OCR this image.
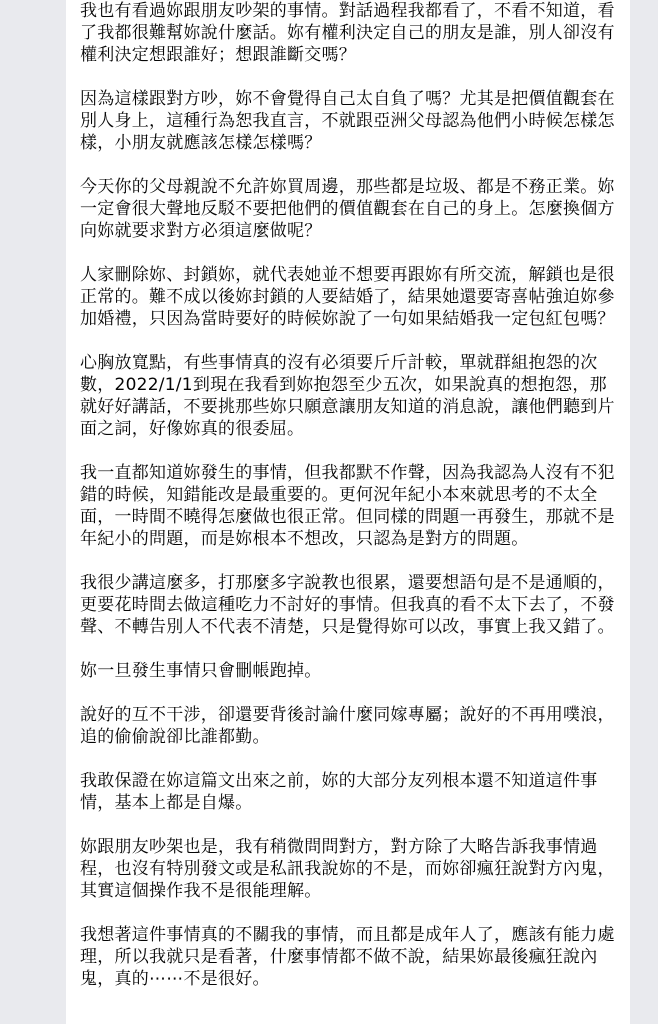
我也有看過妳跟朋友吵架的事情。對話過程我都看了，不看不知道，看了我都很難幫妳說什麼話。妳有權利決定自己的朋友是誰，別人卻沒有權利決定想跟誰好；想跟誰斷交嗎？

因為這樣跟對方吵，妳不會覺得自己太自負了嗎？尤其是把價值觀套在別人身上，這種行為恕我直言，不就跟亞洲父母認為他們小時候怎樣怎樣，小朋友就應該怎樣怎樣嗎？

今天你的父母親說不允許妳買周邊，那些都是垃圾、都是不務正業。妳一定會很大聲地反駁不要把他們的價值觀套在自己的身上。怎麼換個方向妳就要求對方必須這麼做呢？

人家刪除妳、封鎖妳，就代表她並不想要再跟妳有所交流，解鎖也是很正常的。難不成以後妳封鎖的人要結婚了，結果她還要寄喜帖強迫妳參加婚禮，只因為當時要好的時候妳說了一句如果結婚我一定包紅包嗎？

心胸放寬點，有些事情真的沒有必須要斤斤計較，單就群組抱怨的次數，2022/1/1到現在我看到妳抱怨至少五次，如果說真的想抱怨，那就好好講話，不要挑那些妳只願意讓朋友知道的消息說，讓他們聽到片面之詞，好像妳真的很委屈。

我一直都知道妳發生的事情，但我都默不作聲，因為我認為人沒有不犯錯的時候，知錯能改是最重要的。更何況年紀小本來就思考的不太全面，一時間不曉得怎麼做也很正常。但同樣的問題一再發生，那就不是年紀小的問題，而是妳根本不想改，只認為是對方的問題。

我很少講這麼多，打那麼多字說教也很累，還要想語句是不是通順的，更要花時間去做這種吃力不討好的事情。但我真的看不太下去了，不發聲、不轉告別人不代表不清楚，只是覺得妳可以改，事實上我又錯了。

妳一旦發生事情只會刪帳跑掉。

說好的互不干涉，卻還要背後討論什麼同嫁專屬；說好的不再用噗浪，追的偷偷說卻比誰都勤。

我敢保證在妳這篇文出來之前，妳的大部分友列根本還不知道這件事情，基本上都是自爆。

妳跟朋友吵架也是，我有稍微問問對方，對方除了大略告訴我事情過程，也沒有特別發文或是私訊我說妳的不是，而妳卻瘋狂說對方內鬼，其實這個操作我不是很能理解。

我想著這件事情真的不關我的事情，而且都是成年人了，應該有能力處理，所以我就只是看著，什麼事情都不做不說，結果妳最後瘋狂說內鬼，真的⋯⋯不是很好。
